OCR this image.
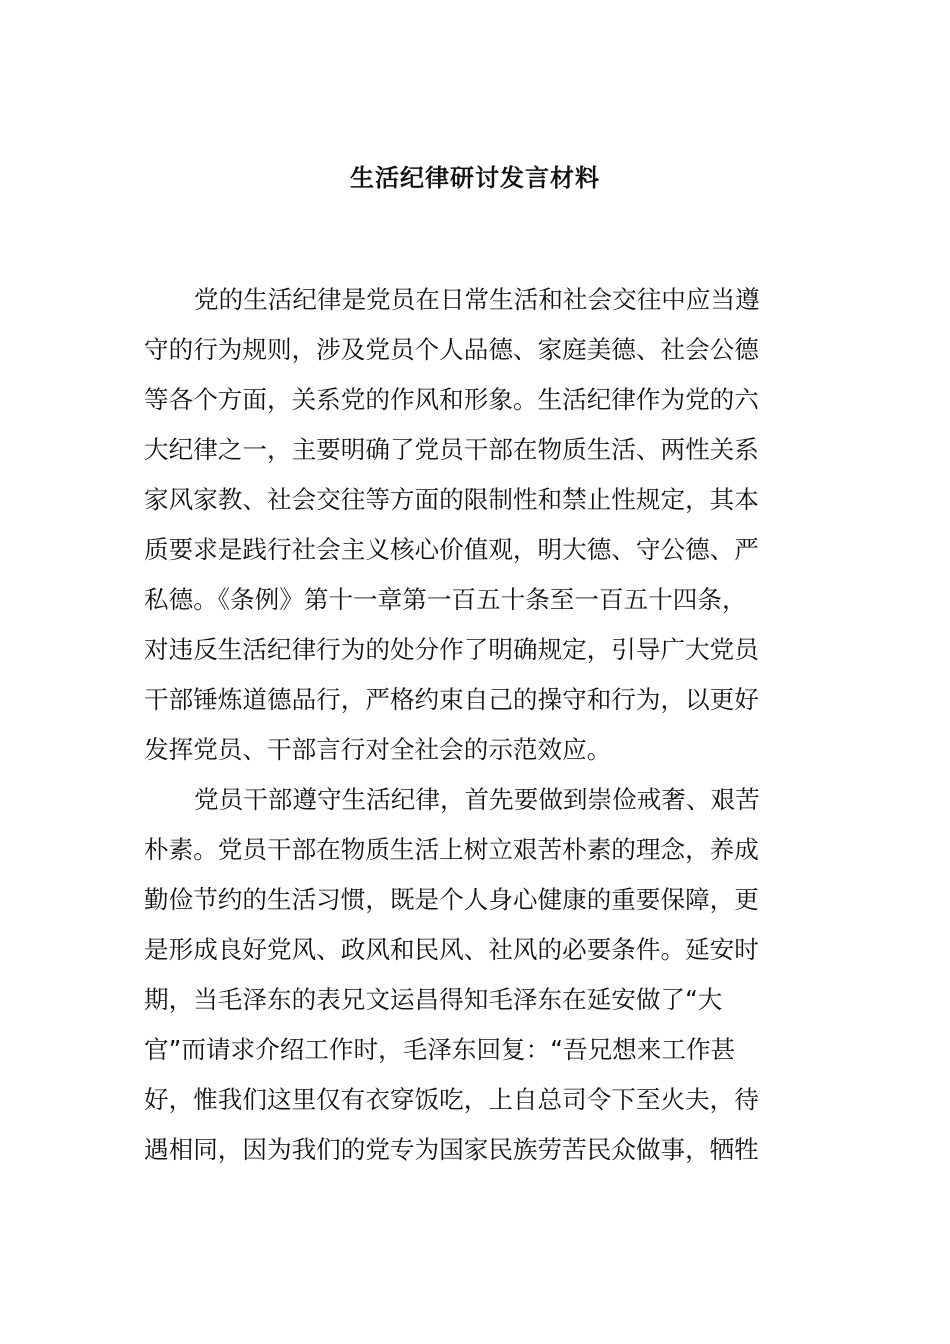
生活纪律研讨发言材料
党的生活纪律是党员在日常生活和社会交往中应当遵
守的行为规则，涉及党员个人品德、家庭美德、社会公德
等各个方面，关系党的作风和形象。生活纪律作为党的六
大纪律之一，主要明确了党员干部在物质生活、两性关系
家风家教、社会交往等方面的限制性和禁止性规定，其本
质要求是践行社会主义核心价值观，明大德、守公德、严
私德。《条例》第十一章第一百五十条至一百五十四条，
对违反生活纪律行为的处分作了明确规定，引导广大党员
干部锤炼道德品行，严格约束自己的操守和行为，以更好
发挥党员、干部言行对全社会的示范效应。
党员干部遵守生活纪律，首先要做到崇俭戒奢、艰苦
朴素。党员干部在物质生活上树立艰苦朴素的理念，养成
勤俭节约的生活习惯，既是个人身心健康的重要保障，更
是形成良好党风、政风和民风、社风的必要条件。延安时
期，当毛泽东的表兄文运昌得知毛泽东在延安做了“大
官”而请求介绍工作时，毛泽东回复：“吾兄想来工作甚
好，惟我们这里仅有衣穿饭吃，上自总司令下至火夫，待
遇相同，因为我们的党专为国家民族劳苦民众做事，牺牲
